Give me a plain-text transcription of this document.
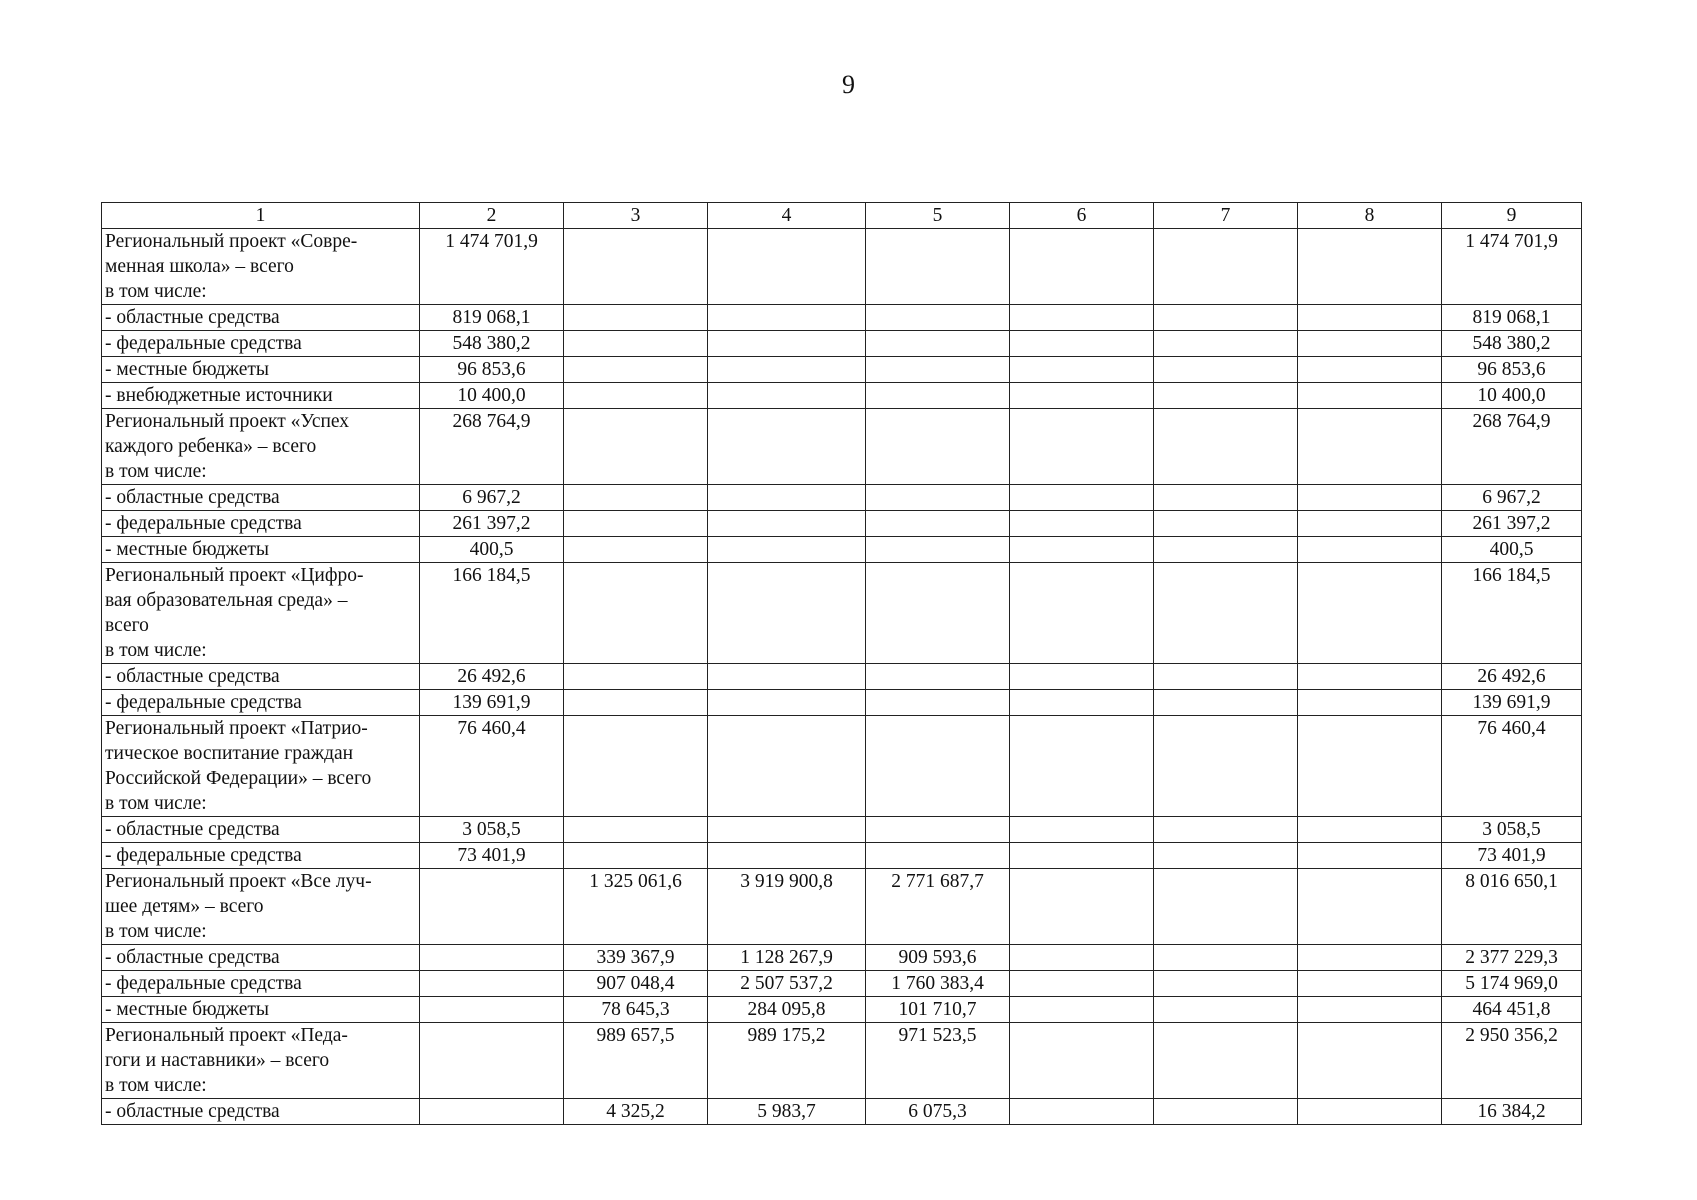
9
1	2	3	4	5	6	7	8	9

Региональный проект «Совре-
менная школа» – всего
в том числе:	1 474 701,9							1 474 701,9

- областные средства	819 068,1							819 068,1

- федеральные средства	548 380,2							548 380,2

- местные бюджеты	96 853,6							96 853,6

- внебюджетные источники	10 400,0							10 400,0

Региональный проект «Успех
каждого ребенка» – всего
в том числе:	268 764,9							268 764,9

- областные средства	6 967,2							6 967,2

- федеральные средства	261 397,2							261 397,2

- местные бюджеты	400,5							400,5

Региональный проект «Цифро-
вая образовательная среда» –
всего
в том числе:	166 184,5							166 184,5

- областные средства	26 492,6							26 492,6

- федеральные средства	139 691,9							139 691,9

Региональный проект «Патрио-
тическое воспитание граждан
Российской Федерации» – всего
в том числе:	76 460,4							76 460,4

- областные средства	3 058,5							3 058,5

- федеральные средства	73 401,9							73 401,9

Региональный проект «Все луч-
шее детям» – всего
в том числе:		1 325 061,6	3 919 900,8	2 771 687,7				8 016 650,1

- областные средства		339 367,9	1 128 267,9	909 593,6				2 377 229,3

- федеральные средства		907 048,4	2 507 537,2	1 760 383,4				5 174 969,0

- местные бюджеты		78 645,3	284 095,8	101 710,7				464 451,8

Региональный проект «Педа-
гоги и наставники» – всего
в том числе:		989 657,5	989 175,2	971 523,5				2 950 356,2

- областные средства		4 325,2	5 983,7	6 075,3				16 384,2
